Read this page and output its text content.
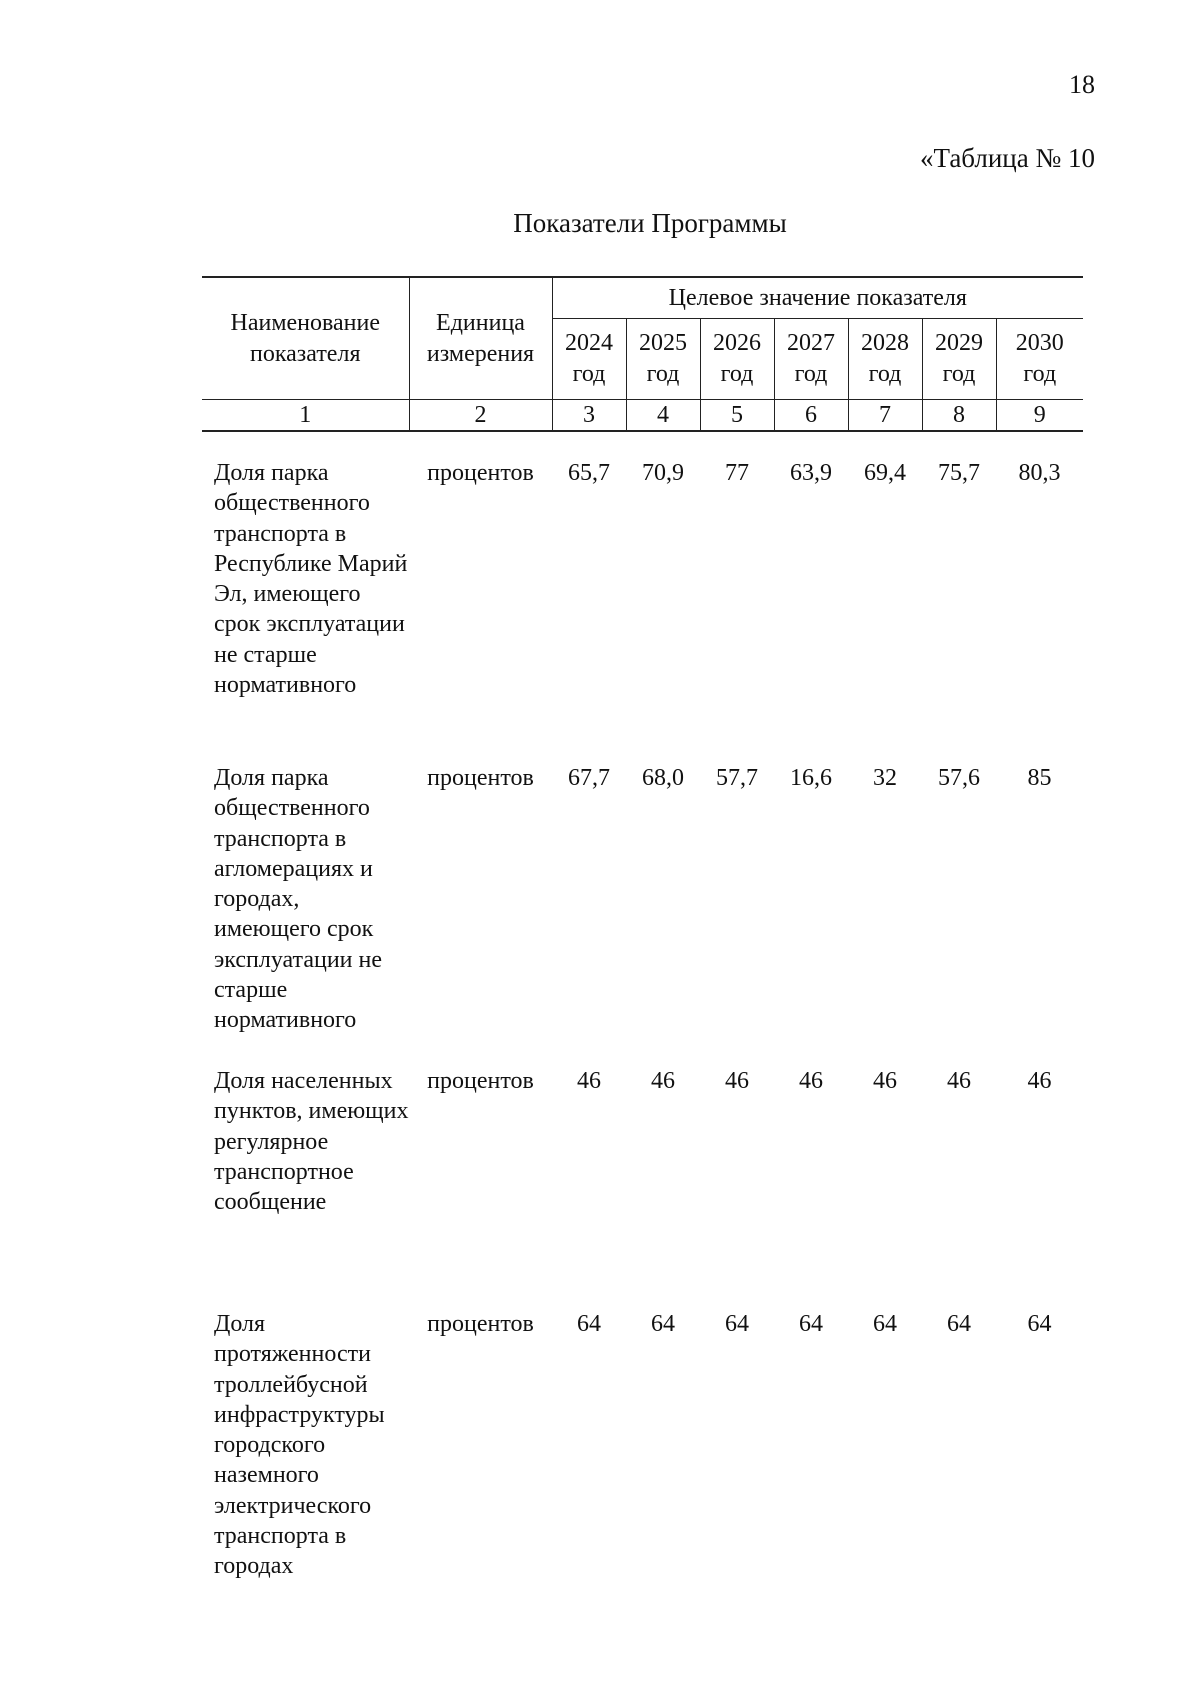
18
«Таблица № 10
Показатели Программы
Наименование показателя	Единица измерения	Целевое значение показателя						
		2024 год	2025 год	2026 год	2027 год	2028 год	2029 год	2030 год
1	2	3	4	5	6	7	8	9
Доля парка общественного транспорта в Республике Марий Эл, имеющего срок эксплуатации не старше нормативного	процентов	65,7	70,9	77	63,9	69,4	75,7	80,3
Доля парка общественного транспорта в агломерациях и городах, имеющего срок эксплуатации не старше нормативного	процентов	67,7	68,0	57,7	16,6	32	57,6	85
Доля населенных пунктов, имеющих регулярное транспортное сообщение	процентов	46	46	46	46	46	46	46
Доля протяженности троллейбусной инфраструктуры городского наземного электрического транспорта в городах	процентов	64	64	64	64	64	64	64
